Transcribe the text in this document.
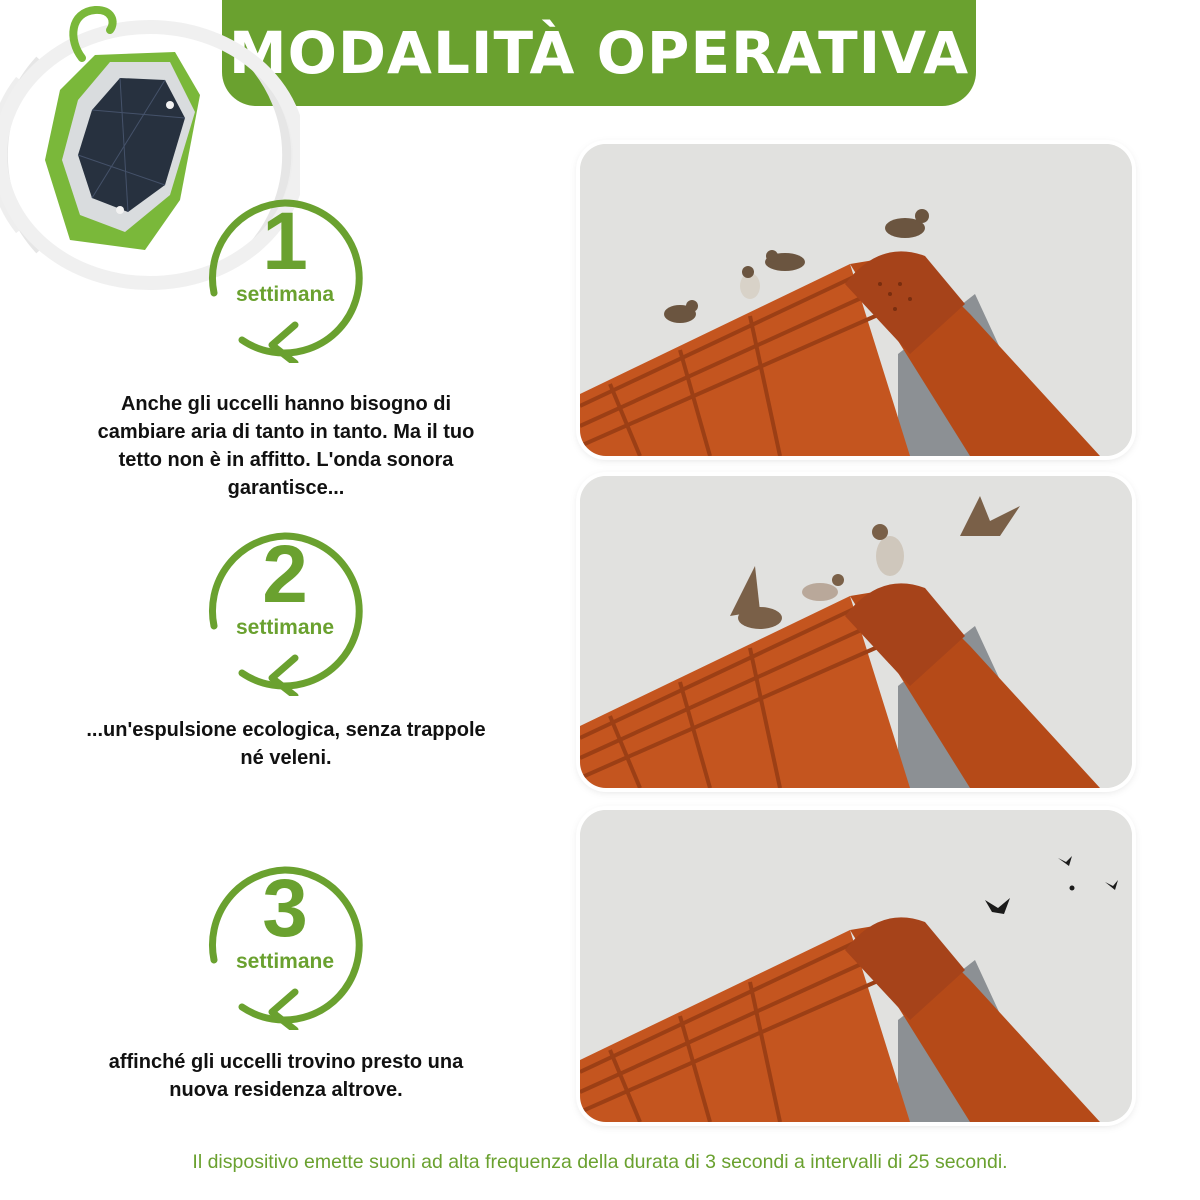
MODALITÀ OPERATIVA
1
settimana
Anche gli uccelli hanno bisogno di
cambiare aria di tanto in tanto. Ma il tuo
tetto non è in affitto. L'onda sonora
garantisce...
2
settimane
...un'espulsione ecologica, senza trappole
né veleni.
3
settimane
affinché gli uccelli trovino presto una
nuova residenza altrove.
Il dispositivo emette suoni ad alta frequenza della durata di 3 secondi a intervalli di 25 secondi.
